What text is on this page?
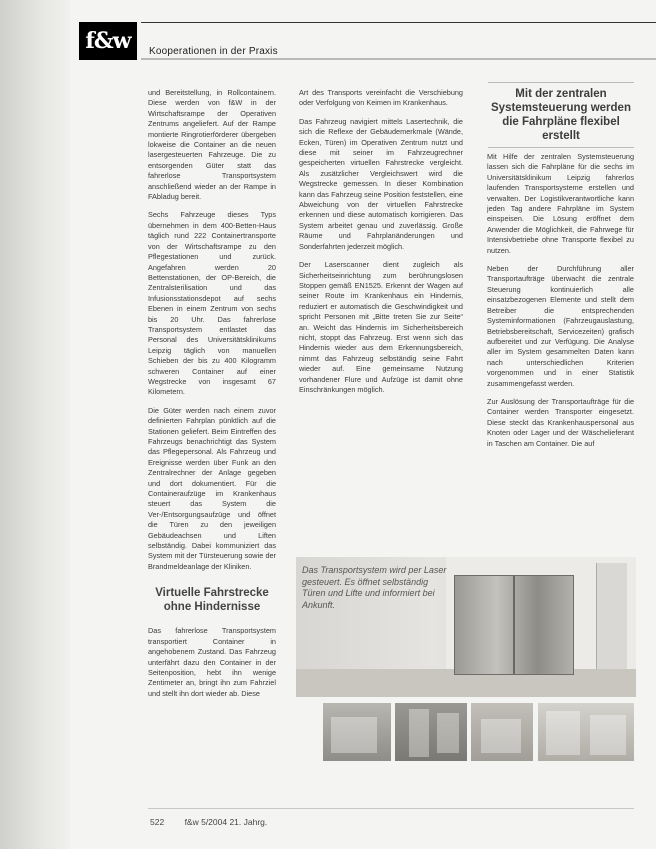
f&w	Kooperationen in der Praxis

und Bereitstellung, in Rollcontainern. Diese werden von f&W in der Wirtschaftsrampe der Operativen Zentrums angeliefert. Auf der Rampe montierte Ringrotierförderer übergeben lokweise die Container an die neuen lasergesteuerten Fahrzeuge. Die zu entsorgenden Güter statt das fahrerlose Transportsystem anschließend wieder an der Rampe in FAbladug bereit.

Sechs Fahrzeuge dieses Typs übernehmen in dem 400-Betten-Haus täglich rund 222 Containertransporte von der Wirtschaftsrampe zu den Pflegestationen und zurück. Angefahren werden 20 Bettenstationen, der OP-Bereich, die Zentralsterilisation und das Infusionsstationsdepot auf sechs Ebenen in einem Zentrum von sechs bis 20 Uhr. Das fahrerlose Transportsystem entlastet das Personal des Universitätsklinikums Leipzig täglich von manuellen Schieben der bis zu 400 Kilogramm schweren Container auf einer Wegstrecke von insgesamt 67 Kilometern.

Die Güter werden nach einem zuvor definierten Fahrplan pünktlich auf die Stationen geliefert. Beim Eintreffen des Fahrzeugs benachrichtigt das System das Pflegepersonal. Als Fahrzeug und Ereignisse werden über Funk an den Zentralrechner der Anlage gegeben und dort dokumentiert. Für die Containeraufzüge im Krankenhaus steuert das System die Ver-/Entsorgungsaufzüge und öffnet die Türen zu den jeweiligen Gebäudeachsen und Liften selbständig. Dabei kommuniziert das System mit der Türsteuerung sowie der Brandmeldeanlage der Kliniken.

Virtuelle Fahrstrecke ohne Hindernisse

Das fahrerlose Transportsystem transportiert Container in angehobenem Zustand. Das Fahrzeug unterfährt dazu den Container in der Seitenposition, hebt ihn wenige Zentimeter an, bringt ihn zum Fahrziel und stellt ihn dort wieder ab. Diese

Art des Transports vereinfacht die Verschiebung oder Verfolgung von Keimen im Krankenhaus.

Das Fahrzeug navigiert mittels Lasertechnik, die sich die Reflexe der Gebäudemerkmale (Wände, Ecken, Türen) im Operativen Zentrum nutzt und diese mit seiner im Fahrzeugrechner gespeicherten virtuellen Fahrstrecke vergleicht. Als zusätzlicher Vergleichswert wird die Wegstrecke gemessen. In dieser Kombination kann das Fahrzeug seine Position feststellen, eine Abweichung von der virtuellen Fahrstrecke erkennen und diese automatisch korrigieren. Das System arbeitet genau und zuverlässig. Große Räume und Fahrplanänderungen und Sonderfahrten jederzeit möglich.

Der Laserscanner dient zugleich als Sicherheitseinrichtung zum berührungslosen Stoppen gemäß EN1525. Erkennt der Wagen auf seiner Route im Krankenhaus ein Hindernis, reduziert er automatisch die Geschwindigkeit und spricht Personen mit „Bitte treten Sie zur Seite“ an. Weicht das Hindernis im Sicherheitsbereich nicht, stoppt das Fahrzeug. Erst wenn sich das Hindernis wieder aus dem Erkennungsbereich, nimmt das Fahrzeug selbständig seine Fahrt wieder auf. Eine gemeinsame Nutzung vorhandener Flure und Aufzüge ist damit ohne Einschränkungen möglich.

Mit der zentralen Systemsteuerung werden die Fahrpläne flexibel erstellt

Mit Hilfe der zentralen Systemsteuerung lassen sich die Fahrpläne für die sechs im Universitätsklinikum Leipzig fahrerlos laufenden Transportsysteme erstellen und verwalten. Der Logistikverantwortliche kann jeden Tag andere Fahrpläne im System einspeisen. Die Lösung eröffnet dem Anwender die Möglichkeit, die Fahrwege für Intensivbetriebe ohne Transporte flexibel zu nutzen.

Neben der Durchführung aller Transportaufträge überwacht die zentrale Steuerung kontinuierlich alle einsatzbezogenen Elemente und stellt dem Betreiber die entsprechenden Systeminformationen (Fahrzeugauslastung, Betriebsbereitschaft, Servicezeiten) grafisch aufbereitet und zur Verfügung. Die Analyse aller im System gesammelten Daten kann nach unterschiedlichen Kriterien vorgenommen und in einer Statistik zusammengefasst werden.

Zur Auslösung der Transportaufträge für die Container werden Transporter eingesetzt. Diese steckt das Krankenhauspersonal aus Knoten oder Lager und der Wäschelieferant in Taschen am Container. Die auf

Das Transportsystem wird per Laser gesteuert. Es öffnet selbständig Türen und Lifte und informiert bei Ankunft.

522 f&w 5/2004 21. Jahrg.
